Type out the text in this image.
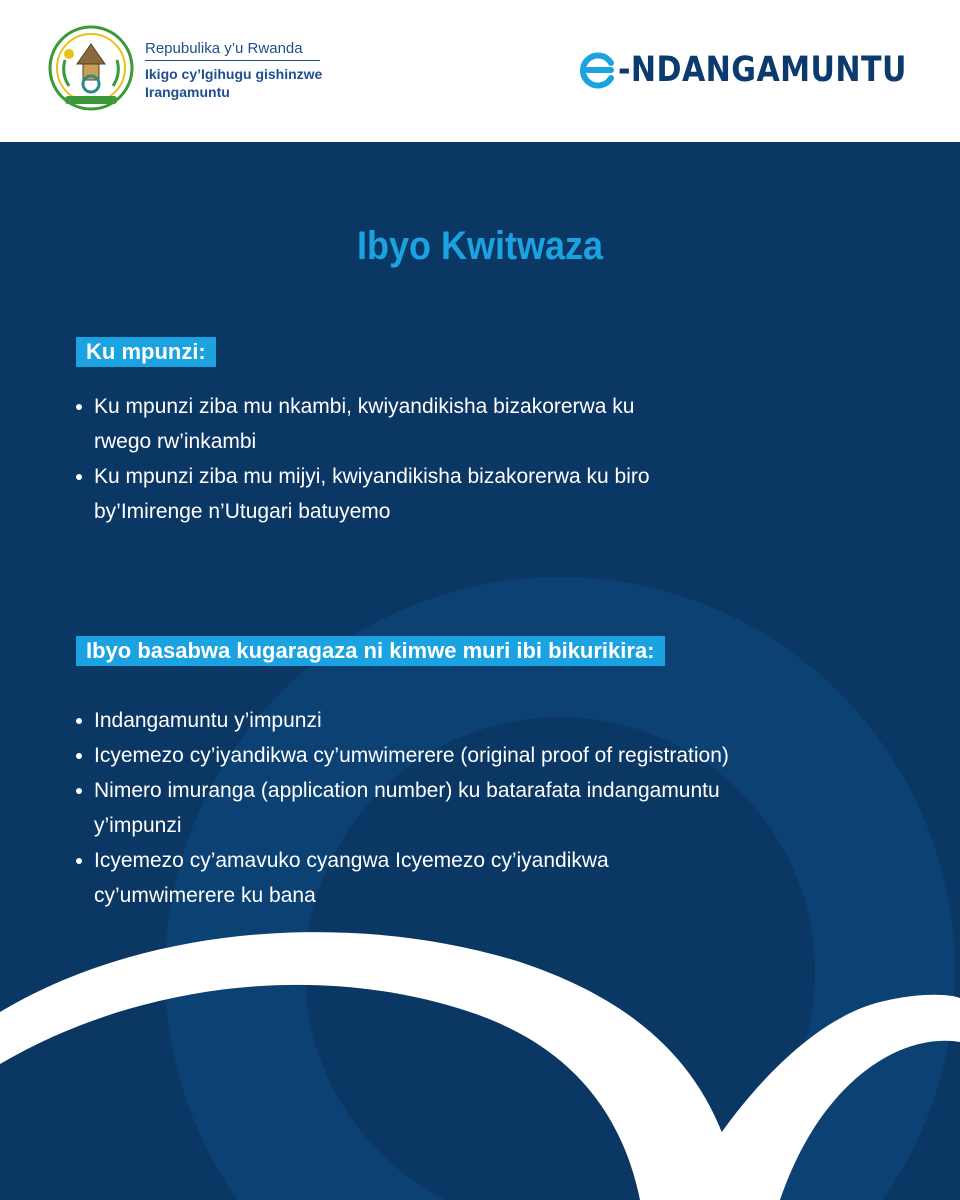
Repubulika y’u Rwanda
Ikigo cy’Igihugu gishinzwe
Irangamuntu
-NDANGAMUNTU
Ibyo Kwitwaza
Ku mpunzi:
Ku mpunzi ziba mu nkambi, kwiyandikisha bizakorerwa ku rwego rw’inkambi
Ku mpunzi ziba mu mijyi, kwiyandikisha bizakorerwa ku biro by’Imirenge n’Utugari batuyemo
Ibyo basabwa kugaragaza ni kimwe muri ibi bikurikira:
Indangamuntu y’impunzi
Icyemezo cy’iyandikwa cy’umwimerere (original proof of registration)
Nimero imuranga (application number) ku batarafata indangamuntu y’impunzi
Icyemezo cy’amavuko cyangwa Icyemezo cy’iyandikwa cy’umwimerere ku bana
